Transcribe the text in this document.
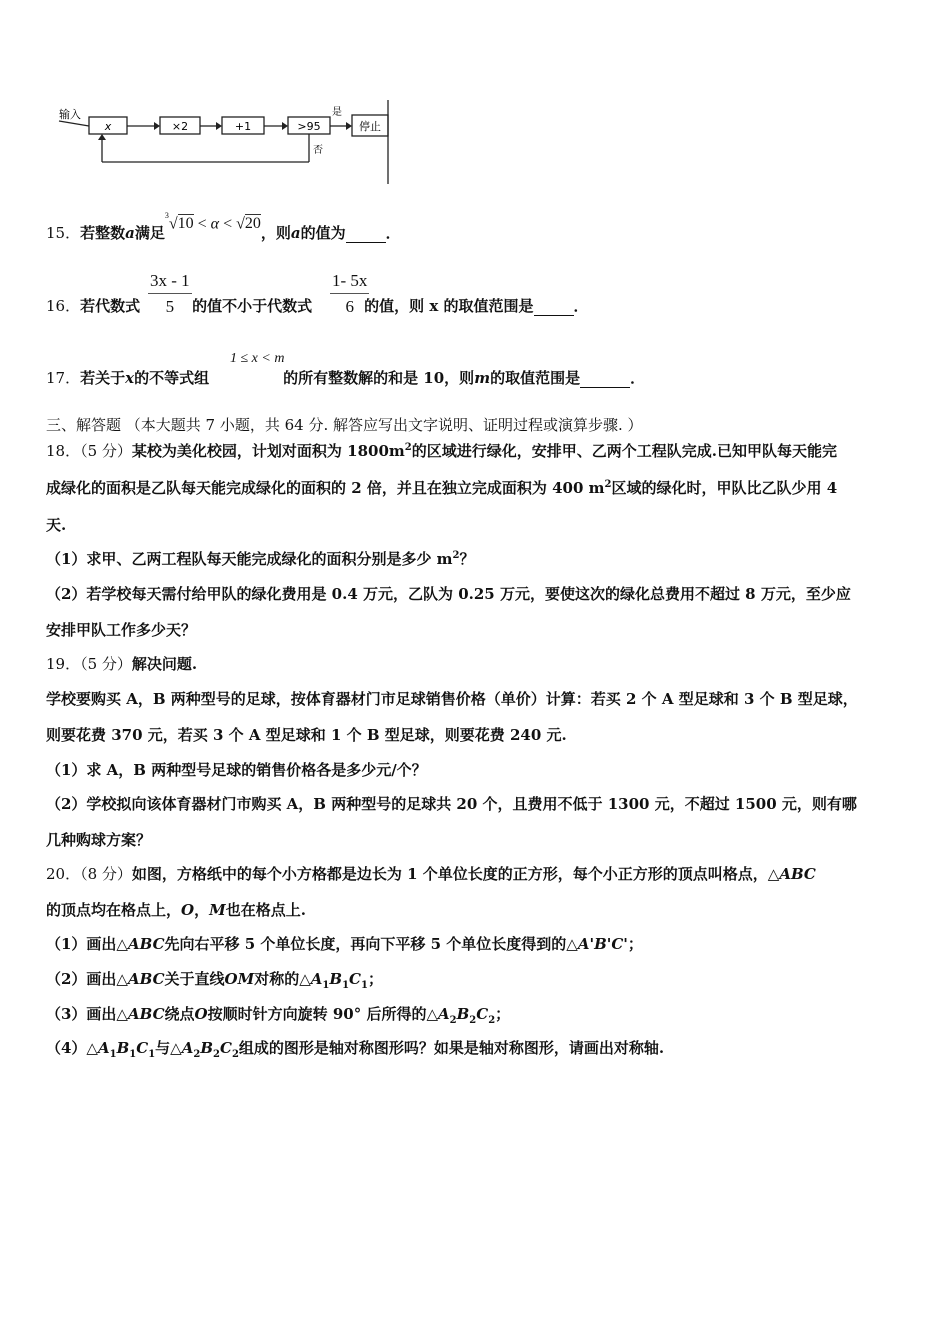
输入
x	×2	+1	>95
是
停止
否
15．若整数a满足$^3$√10 < α < √20，则a的值为	．
3x - 1
5
1- 5x
6
16．若代数式	的值不小于代数式	的值，则 x 的取值范围是	．
1 ≤ x < m
17．若关于x的不等式组	的所有整数解的和是 10，则m的取值范围是	．
三、解答题 （本大题共 7 小题，共 64 分. 解答应写出文字说明、证明过程或演算步骤. ）
18．（5 分）某校为美化校园，计划对面积为 $1800m^2$的区域进行绿化，安排甲、乙两个工程队完成.已知甲队每天能完
成绿化的面积是乙队每天能完成绿化的面积的 2 倍，并且在独立完成面积为 400 $m^2$区域的绿化时，甲队比乙队少用 4
天.
（1）求甲、乙两工程队每天能完成绿化的面积分别是多少 $m^2$？
（2）若学校每天需付给甲队的绿化费用是 0.4 万元，乙队为 0.25 万元，要使这次的绿化总费用不超过 8 万元，至少应
安排甲队工作多少天？
19．（5 分）解决问题.
学校要购买 A，B 两种型号的足球，按体育器材门市足球销售价格（单价）计算：若买 2 个 A 型足球和 3 个 B 型足球，
则要花费 370 元，若买 3 个 A 型足球和 1 个 B 型足球，则要花费 240 元.
（1）求 A，B 两种型号足球的销售价格各是多少元/个？
（2）学校拟向该体育器材门市购买 A，B 两种型号的足球共 20 个，且费用不低于 1300 元，不超过 1500 元，则有哪
几种购球方案？
20．（8 分）如图，方格纸中的每个小方格都是边长为 1 个单位长度的正方形，每个小正方形的顶点叫格点，△ABC
的顶点均在格点上，O，M也在格点上.
（1）画出△ABC先向右平移 5 个单位长度，再向下平移 5 个单位长度得到的△A'B'C'；
（2）画出△ABC关于直线OM对称的$\triangle A_1B_1C_1$；
（3）画出△ABC绕点O按顺时针方向旋转 90° 后所得的$\triangle A_2B_2C_2$；
$(4)\triangle A_1B_1C_1$与$\triangle A_2B_2C_2$组成的图形是轴对称图形吗？如果是轴对称图形，请画出对称轴.
